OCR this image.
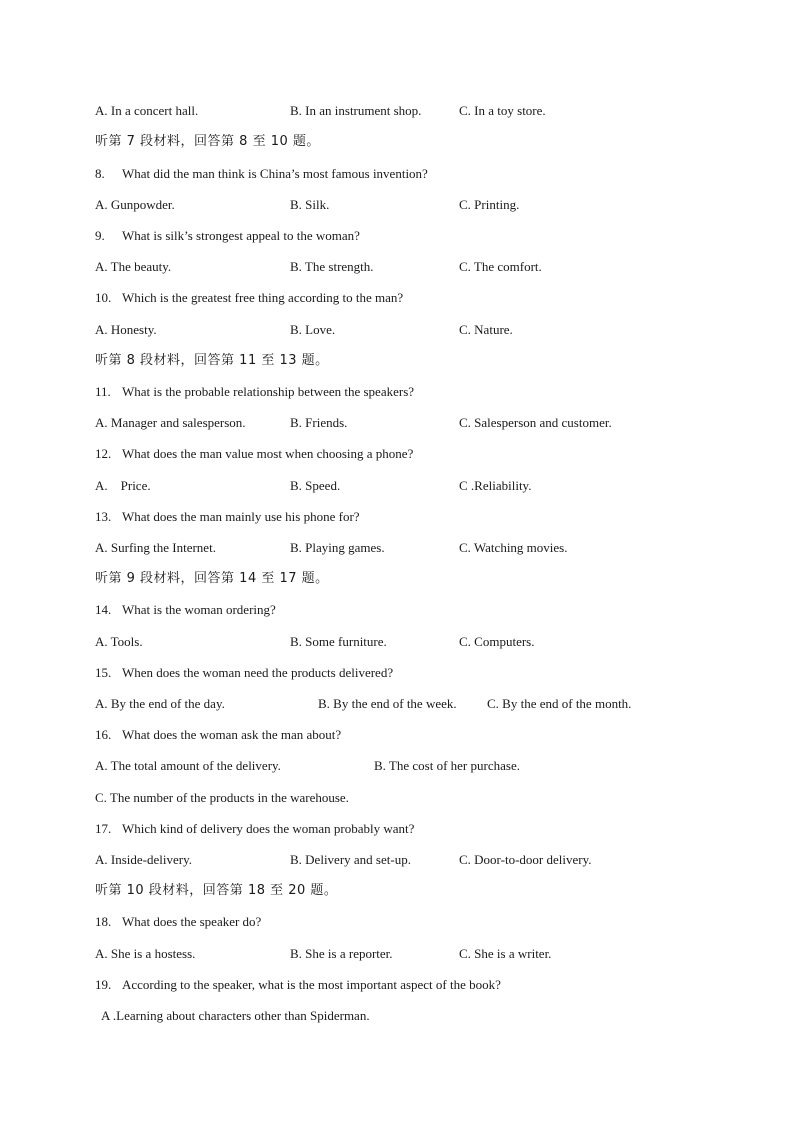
A. In a concert hall.	B. In an instrument shop.	C. In a toy store.
听第 7 段材料，回答第 8 至 10 题。
8. What did the man think is China’s most famous invention?
A. Gunpowder.	B. Silk.	C. Printing.
9. What is silk’s strongest appeal to the woman?
A. The beauty.	B. The strength.	C. The comfort.
10. Which is the greatest free thing according to the man?
A. Honesty.	B. Love.	C. Nature.
听第 8 段材料，回答第 11 至 13 题。
11. What is the probable relationship between the speakers?
A. Manager and salesperson.	B. Friends.	C. Salesperson and customer.
12. What does the man value most when choosing a phone?
A.    Price.	B. Speed.	C .Reliability.
13. What does the man mainly use his phone for?
A. Surfing the Internet.	B. Playing games.	C. Watching movies.
听第 9 段材料，回答第 14 至 17 题。
14. What is the woman ordering?
A. Tools.	B. Some furniture.	C. Computers.
15. When does the woman need the products delivered?
A. By the end of the day.	B. By the end of the week. C. By the end of the month.
16. What does the woman ask the man about?
A. The total amount of the delivery.	B. The cost of her purchase.
C. The number of the products in the warehouse.
17. Which kind of delivery does the woman probably want?
A. Inside-delivery.	B. Delivery and set-up.	C. Door-to-door delivery.
听第 10 段材料，回答第 18 至 20 题。
18. What does the speaker do?
A. She is a hostess.	B. She is a reporter.	C. She is a writer.
19. According to the speaker, what is the most important aspect of the book?
A .Learning about characters other than Spiderman.
